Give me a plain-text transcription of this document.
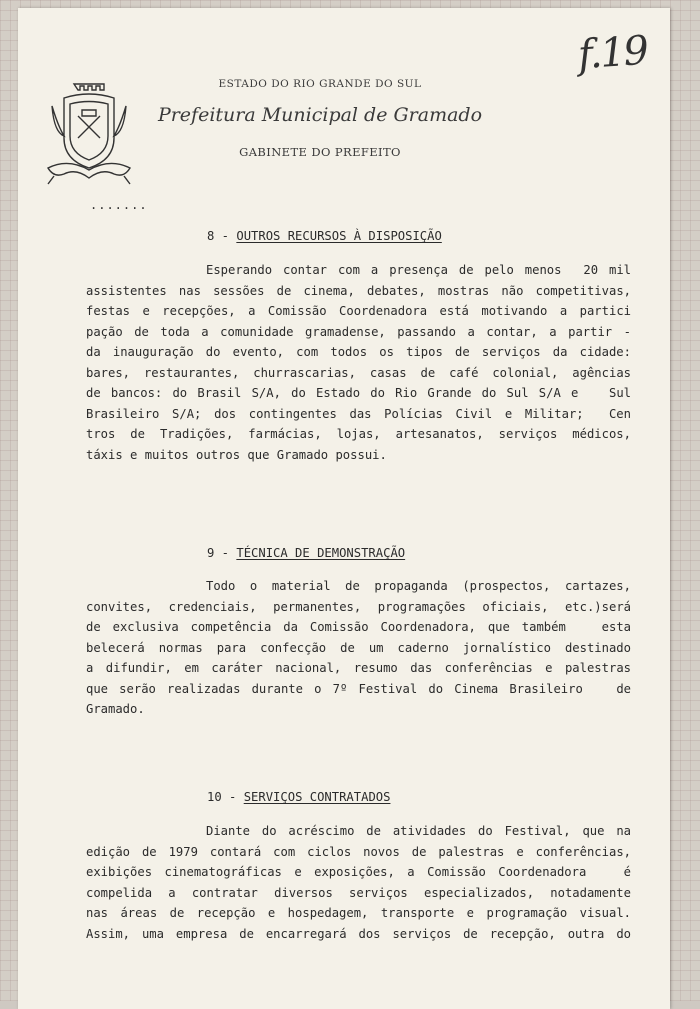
f.19
ESTADO DO RIO GRANDE DO SUL
Prefeitura Municipal de Gramado
GABINETE DO PREFEITO
.......
8 - OUTROS RECURSOS À DISPOSIÇÃO
Esperando contar com a presença de pelo menos  20 mil
assistentes nas sessões de cinema, debates, mostras não competitivas,
festas e recepções, a Comissão Coordenadora está motivando a partici
pação de toda a comunidade gramadense, passando a contar, a partir -
da inauguração do evento, com todos os tipos de serviços da cidade:
bares, restaurantes, churrascarias, casas de café colonial, agências
de bancos: do Brasil S/A, do Estado do Rio Grande do Sul S/A e   Sul
Brasileiro S/A; dos contingentes das Polícias Civil e Militar;  Cen
tros de Tradições, farmácias, lojas, artesanatos, serviços médicos,
táxis e muitos outros que Gramado possui.
9 - TÉCNICA DE DEMONSTRAÇÃO
Todo o material de propaganda (prospectos, cartazes,
convites, credenciais, permanentes, programações oficiais, etc.)será
de exclusiva competência da Comissão Coordenadora, que também   esta
belecerá normas para confecção de um caderno jornalístico destinado
a difundir, em caráter nacional, resumo das conferências e palestras
que serão realizadas durante o 7º Festival do Cinema Brasileiro   de
Gramado.
10 - SERVIÇOS CONTRATADOS
Diante do acréscimo de atividades do Festival, que na
edição de 1979 contará com ciclos novos de palestras e conferências,
exibições cinematográficas e exposições, a Comissão Coordenadora   é
compelida a contratar diversos serviços especializados, notadamente
nas áreas de recepção e hospedagem, transporte e programação visual.
Assim, uma empresa de encarregará dos serviços de recepção, outra do
